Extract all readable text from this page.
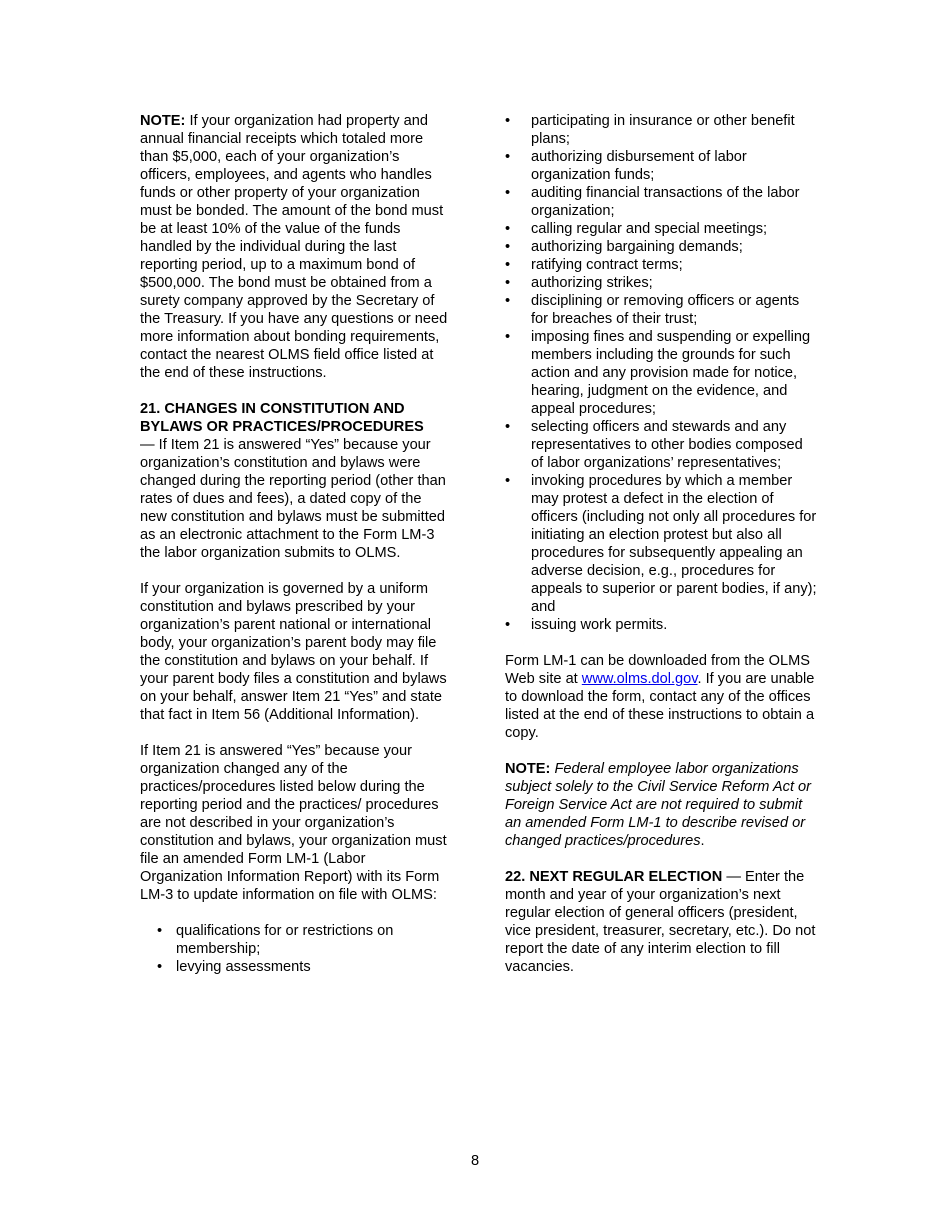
NOTE: If your organization had property and annual financial receipts which totaled more than $5,000, each of your organization’s officers, employees, and agents who handles funds or other property of your organization must be bonded. The amount of the bond must be at least 10% of the value of the funds handled by the individual during the last reporting period, up to a maximum bond of $500,000. The bond must be obtained from a surety company approved by the Secretary of the Treasury. If you have any questions or need more information about bonding requirements, contact the nearest OLMS field office listed at the end of these instructions.

21. CHANGES IN CONSTITUTION AND BYLAWS OR PRACTICES/PROCEDURES
— If Item 21 is answered “Yes” because your organization’s constitution and bylaws were changed during the reporting period (other than rates of dues and fees), a dated copy of the new constitution and bylaws must be submitted as an electronic attachment to the Form LM-3 the labor organization submits to OLMS.

If your organization is governed by a uniform constitution and bylaws prescribed by your organization’s parent national or international body, your organization’s parent body may file the constitution and bylaws on your behalf. If your parent body files a constitution and bylaws on your behalf, answer Item 21 “Yes” and state that fact in Item 56 (Additional Information).

If Item 21 is answered “Yes” because your organization changed any of the practices/procedures listed below during the reporting period and the practices/ procedures are not described in your organization’s constitution and bylaws, your organization must file an amended Form LM-1 (Labor Organization Information Report) with its Form LM-3 to update information on file with OLMS:

• qualifications for or restrictions on membership;
• levying assessments
• participating in insurance or other benefit plans;
• authorizing disbursement of labor organization funds;
• auditing financial transactions of the labor organization;
• calling regular and special meetings;
• authorizing bargaining demands;
• ratifying contract terms;
• authorizing strikes;
• disciplining or removing officers or agents for breaches of their trust;
• imposing fines and suspending or expelling members including the grounds for such action and any provision made for notice, hearing, judgment on the evidence, and appeal procedures;
• selecting officers and stewards and any representatives to other bodies composed of labor organizations’ representatives;
• invoking procedures by which a member may protest a defect in the election of officers (including not only all procedures for initiating an election protest but also all procedures for subsequently appealing an adverse decision, e.g., procedures for appeals to superior or parent bodies, if any); and
• issuing work permits.

Form LM-1 can be downloaded from the OLMS Web site at www.olms.dol.gov. If you are unable to download the form, contact any of the offices listed at the end of these instructions to obtain a copy.

NOTE: Federal employee labor organizations subject solely to the Civil Service Reform Act or Foreign Service Act are not required to submit an amended Form LM-1 to describe revised or changed practices/procedures.

22. NEXT REGULAR ELECTION — Enter the month and year of your organization’s next regular election of general officers (president, vice president, treasurer, secretary, etc.). Do not report the date of any interim election to fill vacancies.

8
